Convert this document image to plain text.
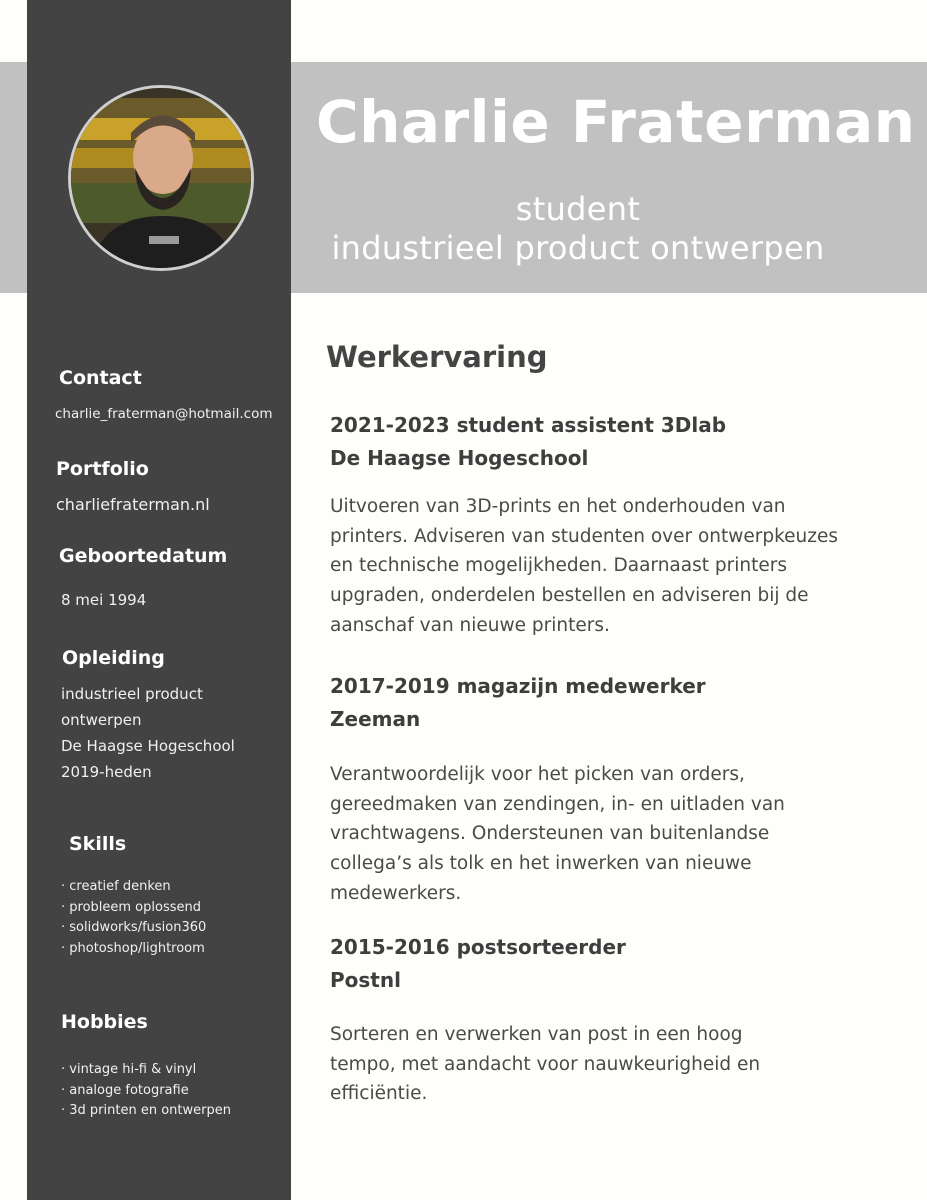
Charlie Fraterman
student
industrieel product ontwerpen
Contact
charlie_fraterman@hotmail.com
Portfolio
charliefraterman.nl
Geboortedatum
8 mei 1994
Opleiding
industrieel product
ontwerpen
De Haagse Hogeschool
2019-heden
Skills
· creatief denken
· probleem oplossend
· solidworks/fusion360
· photoshop/lightroom
Hobbies
· vintage hi-fi & vinyl
· analoge fotografie
· 3d printen en ontwerpen
Werkervaring
2021-2023 student assistent 3Dlab
De Haagse Hogeschool
Uitvoeren van 3D-prints en het onderhouden van
printers. Adviseren van studenten over ontwerpkeuzes
en technische mogelijkheden. Daarnaast printers
upgraden, onderdelen bestellen en adviseren bij de
aanschaf van nieuwe printers.
2017-2019 magazijn medewerker
Zeeman
Verantwoordelijk voor het picken van orders,
gereedmaken van zendingen, in- en uitladen van
vrachtwagens. Ondersteunen van buitenlandse
collega’s als tolk en het inwerken van nieuwe
medewerkers.
2015-2016 postsorteerder
Postnl
Sorteren en verwerken van post in een hoog
tempo, met aandacht voor nauwkeurigheid en
efficiëntie.
